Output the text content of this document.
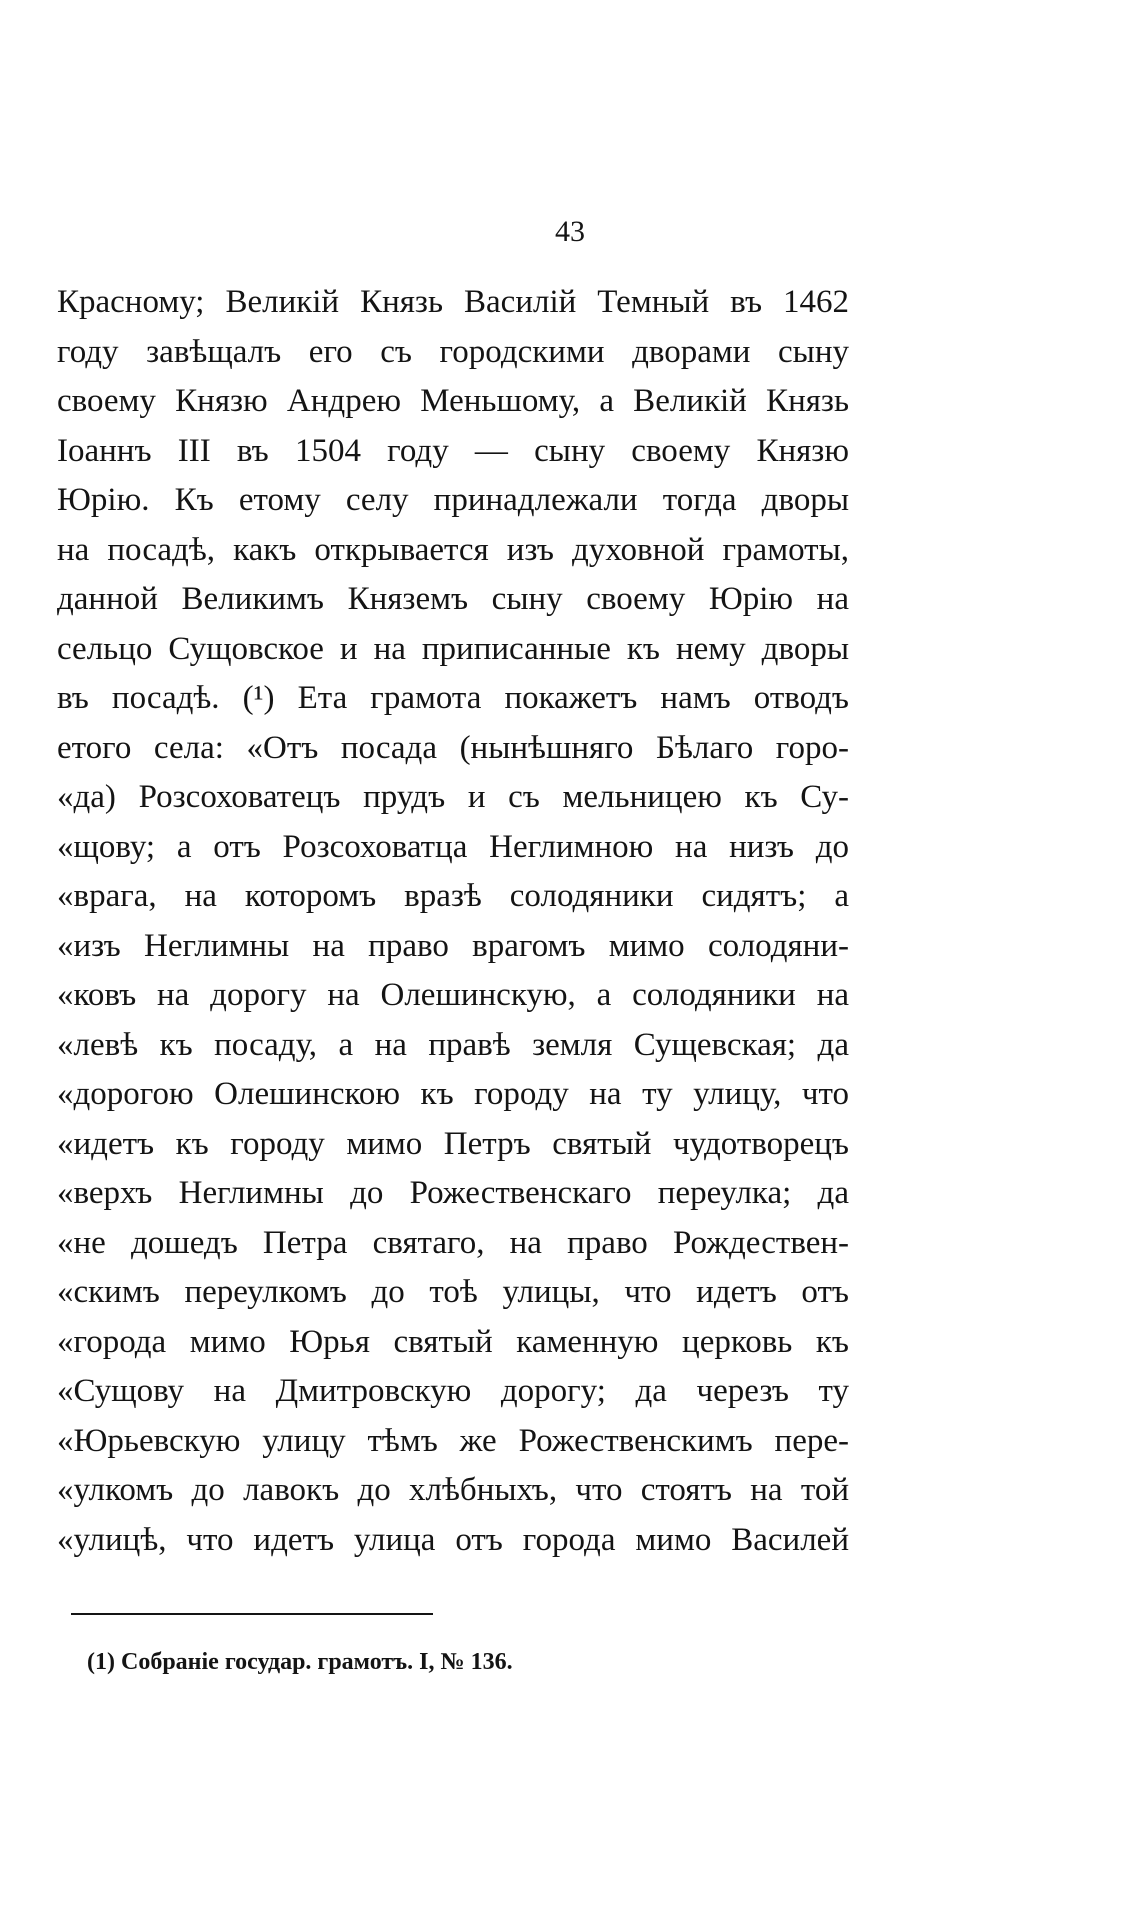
43
Красному; Великій Князь Василій Темный въ 1462
году завѣщалъ его съ городскими дворами сыну
своему Князю Андрею Меньшому, а Великій Князь
Іоаннъ III въ 1504 году — сыну своему Князю
Юрію. Къ етому селу принадлежали тогда дворы
на посадѣ, какъ открывается изъ духовной грамоты,
данной Великимъ Княземъ сыну своему Юрію на
сельцо Сущовское и на приписанные къ нему дворы
въ посадѣ. (¹) Ета грамота покажетъ намъ отводъ
етого села: «Отъ посада (нынѣшняго Бѣлаго горо-
«да) Розсоховатецъ прудъ и съ мельницею къ Су-
«щову; а отъ Розсоховатца Неглимною на низъ до
«врага, на которомъ вразѣ солодяники сидятъ; а
«изъ Неглимны на право врагомъ мимо солодяни-
«ковъ на дорогу на Олешинскую, а солодяники на
«левѣ къ посаду, а на правѣ земля Сущевская; да
«дорогою Олешинскою къ городу на ту улицу, что
«идетъ къ городу мимо Петръ святый чудотворецъ
«верхъ Неглимны до Рожественскаго переулка; да
«не дошедъ Петра святаго, на право Рождествен-
«скимъ переулкомъ до тоѣ улицы, что идетъ отъ
«города мимо Юрья святый каменную церковь къ
«Сущову на Дмитровскую дорогу; да черезъ ту
«Юрьевскую улицу тѣмъ же Рожественскимъ пере-
«улкомъ до лавокъ до хлѣбныхъ, что стоятъ на той
«улицѣ, что идетъ улица отъ города мимо Василей
(1) Собраніе государ. грамотъ. I, № 136.
